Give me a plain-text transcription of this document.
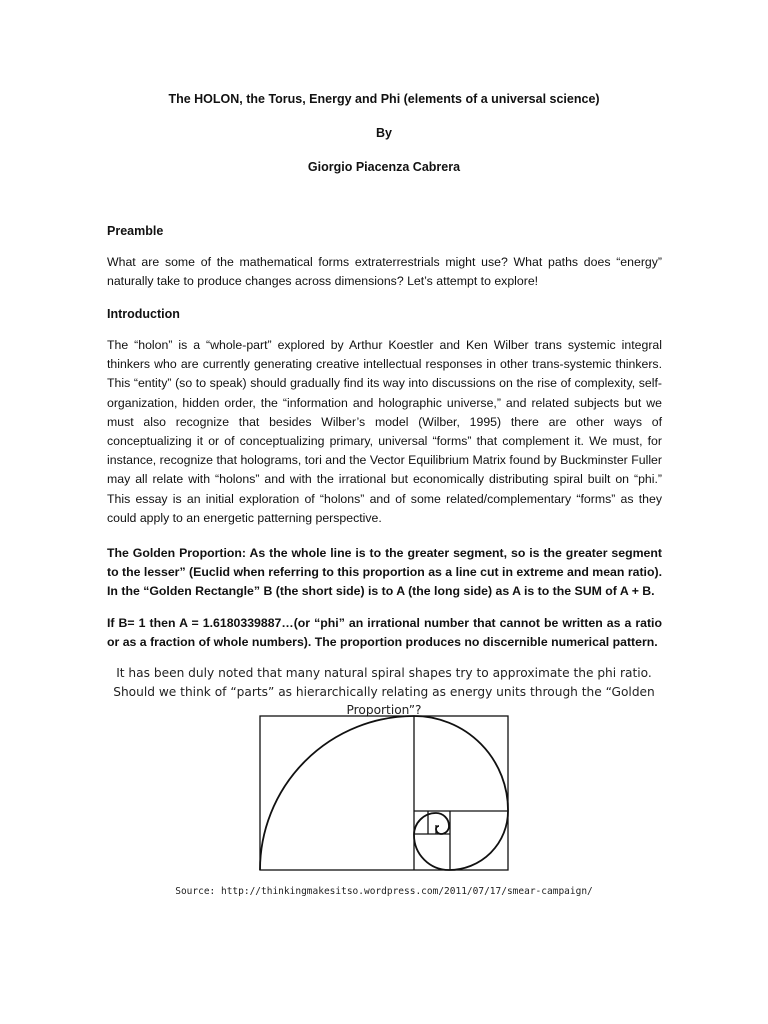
The HOLON, the Torus, Energy and Phi (elements of a universal science)
By
Giorgio Piacenza Cabrera
Preamble
What are some of the mathematical forms extraterrestrials might use? What paths does “energy” naturally take to produce changes across dimensions? Let’s attempt to explore!
Introduction
The “holon” is a “whole-part” explored by Arthur Koestler and Ken Wilber trans systemic integral thinkers who are currently generating creative intellectual responses in other trans-systemic thinkers. This “entity” (so to speak) should gradually find its way into discussions on the rise of complexity, self-organization, hidden order, the “information and holographic universe,” and related subjects but we must also recognize that besides Wilber’s model (Wilber, 1995) there are other ways of conceptualizing it or of conceptualizing primary, universal “forms” that complement it. We must, for instance, recognize that holograms, tori and the Vector Equilibrium Matrix found by Buckminster Fuller may all relate with “holons” and with the irrational but economically distributing spiral built on “phi.” This essay is an initial exploration of “holons” and of some related/complementary “forms” as they could apply to an energetic patterning perspective.
The Golden Proportion: As the whole line is to the greater segment, so is the greater segment to the lesser” (Euclid when referring to this proportion as a line cut in extreme and mean ratio). In the “Golden Rectangle” B (the short side) is to A (the long side) as A is to the SUM of A + B.
If B= 1 then A = 1.6180339887…(or “phi” an irrational number that cannot be written as a ratio or as a fraction of whole numbers). The proportion produces no discernible numerical pattern.
It has been duly noted that many natural spiral shapes try to approximate the phi ratio. Should we think of “parts” as hierarchically relating as energy units through the “Golden Proportion”?
Source: http://thinkingmakesitso.wordpress.com/2011/07/17/smear-campaign/
